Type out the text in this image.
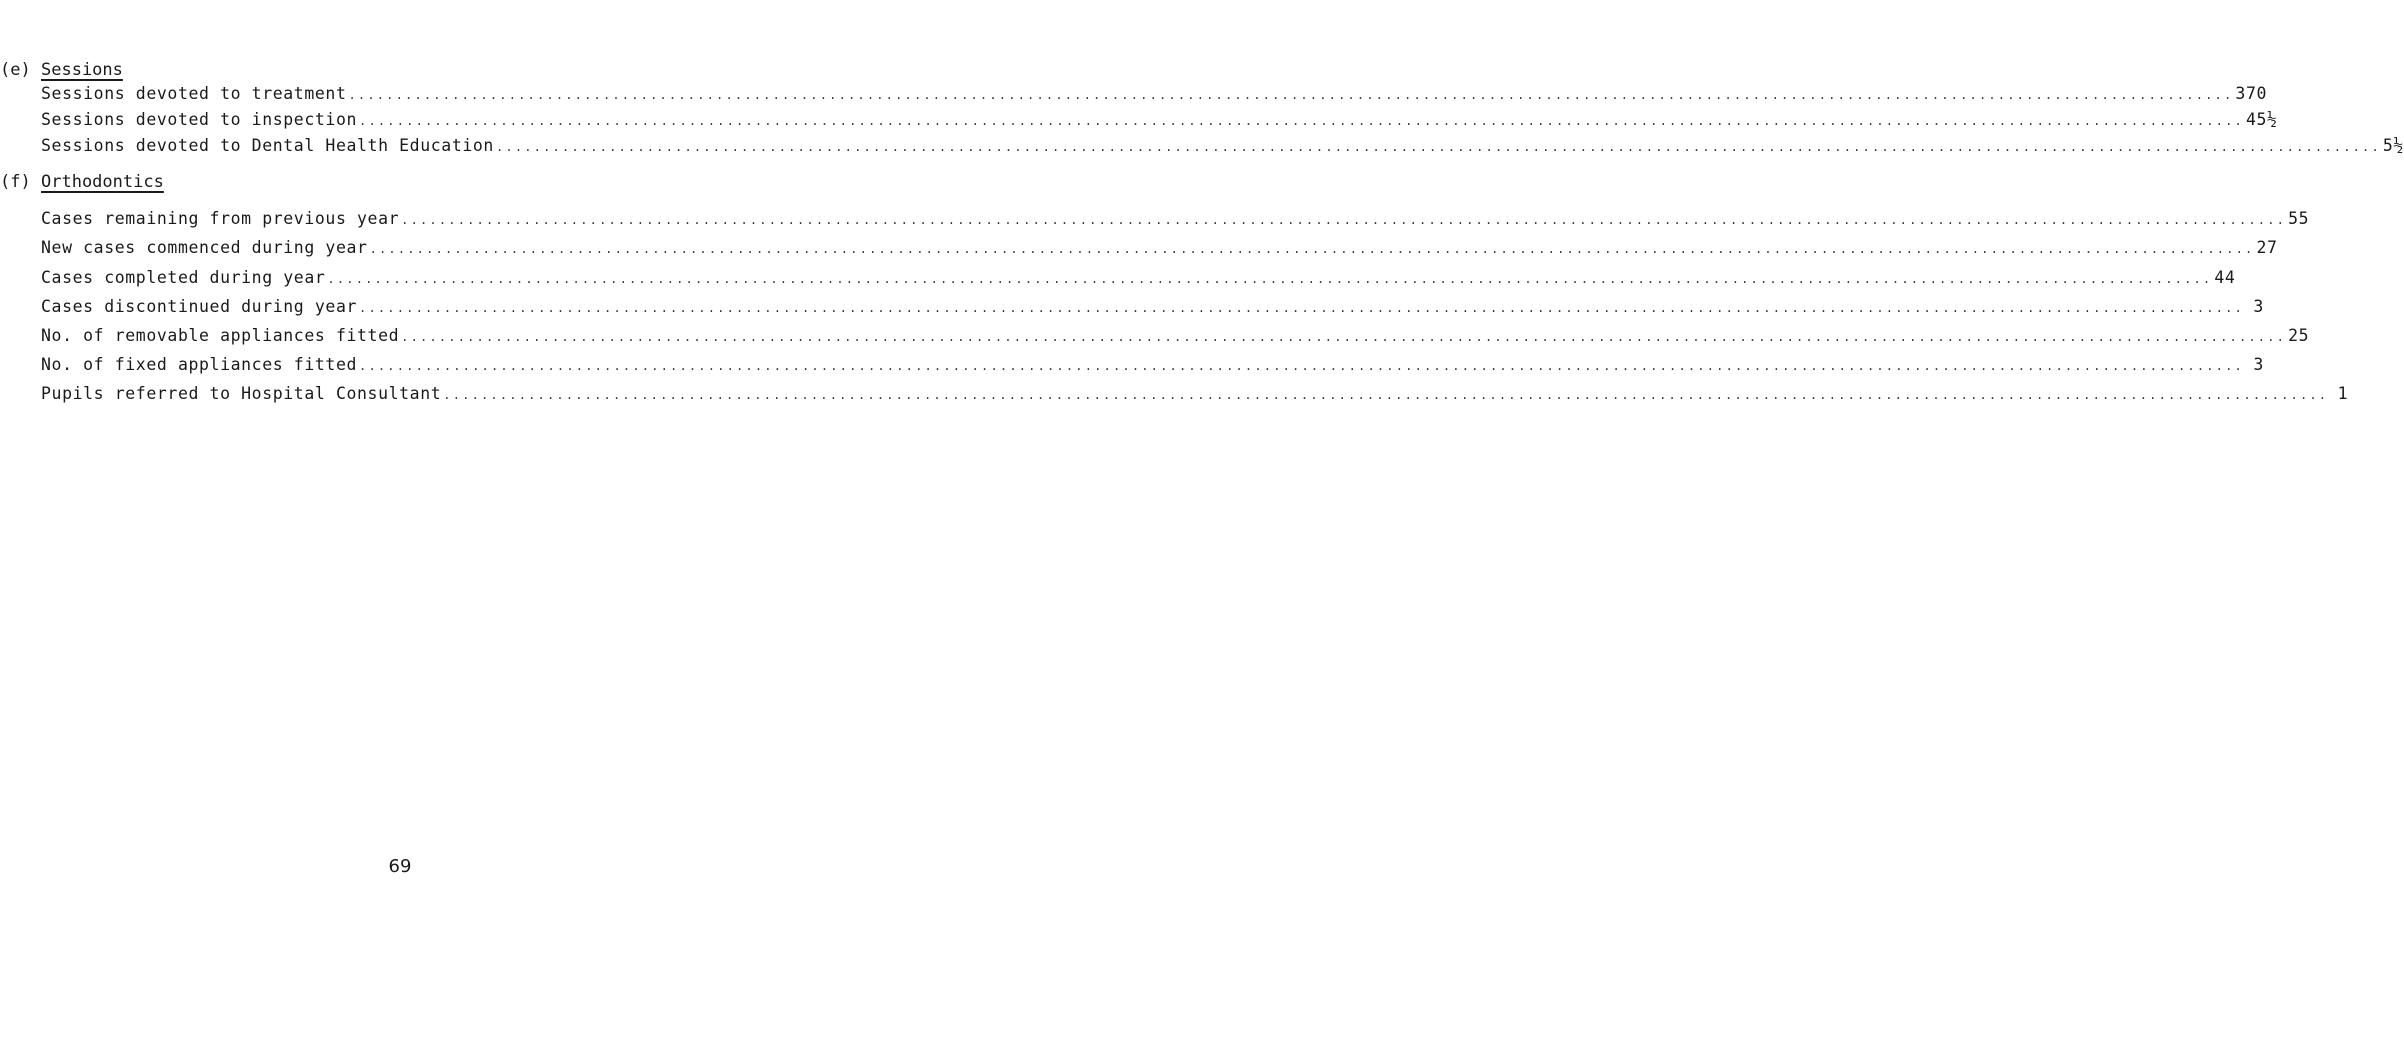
(e) Sessions
Sessions devoted to treatment ........................................................................................................................................................................................................ 370
Sessions devoted to inspection ........................................................................................................................................................................................................ 45½
Sessions devoted to Dental Health Education ........................................................................................................................................................................................................ 5½
(f) Orthodontics
Cases remaining from previous year ........................................................................................................................................................................................................ 55
New cases commenced during year ........................................................................................................................................................................................................ 27
Cases completed during year ........................................................................................................................................................................................................ 44
Cases discontinued during year ........................................................................................................................................................................................................ 3
No. of removable appliances fitted ........................................................................................................................................................................................................ 25
No. of fixed appliances fitted ........................................................................................................................................................................................................ 3
Pupils referred to Hospital Consultant ........................................................................................................................................................................................................ 1
69
